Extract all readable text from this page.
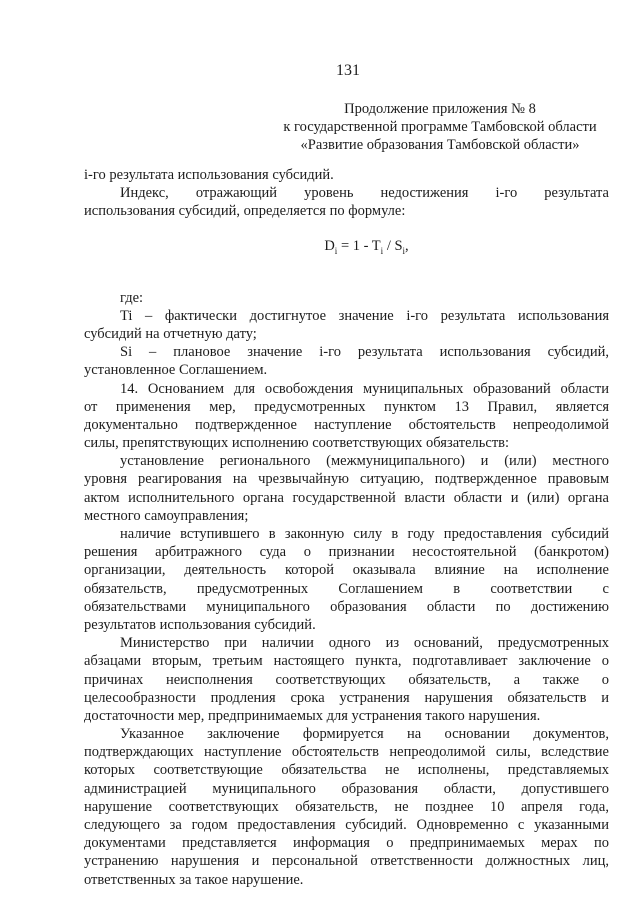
131
Продолжение приложения № 8
к государственной программе Тамбовской области
«Развитие образования Тамбовской области»
i-го результата использования субсидий.
Индекс, отражающий уровень недостижения i-го результата
использования субсидий, определяется по формуле:
$D_i = 1 - T_i / S_i$,
где:
Ti – фактически достигнутое значение i-го результата использования
субсидий на отчетную дату;
Si – плановое значение i-го результата использования субсидий,
установленное Соглашением.
14. Основанием для освобождения муниципальных образований области
от применения мер, предусмотренных пунктом 13 Правил, является
документально подтвержденное наступление обстоятельств непреодолимой
силы, препятствующих исполнению соответствующих обязательств:
установление регионального (межмуниципального) и (или) местного
уровня реагирования на чрезвычайную ситуацию, подтвержденное правовым
актом исполнительного органа государственной власти области и (или) органа
местного самоуправления;
наличие вступившего в законную силу в году предоставления субсидий
решения арбитражного суда о признании несостоятельной (банкротом)
организации, деятельность которой оказывала влияние на исполнение
обязательств, предусмотренных Соглашением в соответствии с
обязательствами муниципального образования области по достижению
результатов использования субсидий.
Министерство при наличии одного из оснований, предусмотренных
абзацами вторым, третьим настоящего пункта, подготавливает заключение о
причинах неисполнения соответствующих обязательств, а также о
целесообразности продления срока устранения нарушения обязательств и
достаточности мер, предпринимаемых для устранения такого нарушения.
Указанное заключение формируется на основании документов,
подтверждающих наступление обстоятельств непреодолимой силы, вследствие
которых соответствующие обязательства не исполнены, представляемых
администрацией муниципального образования области, допустившего
нарушение соответствующих обязательств, не позднее 10 апреля года,
следующего за годом предоставления субсидий. Одновременно с указанными
документами представляется информация о предпринимаемых мерах по
устранению нарушения и персональной ответственности должностных лиц,
ответственных за такое нарушение.
